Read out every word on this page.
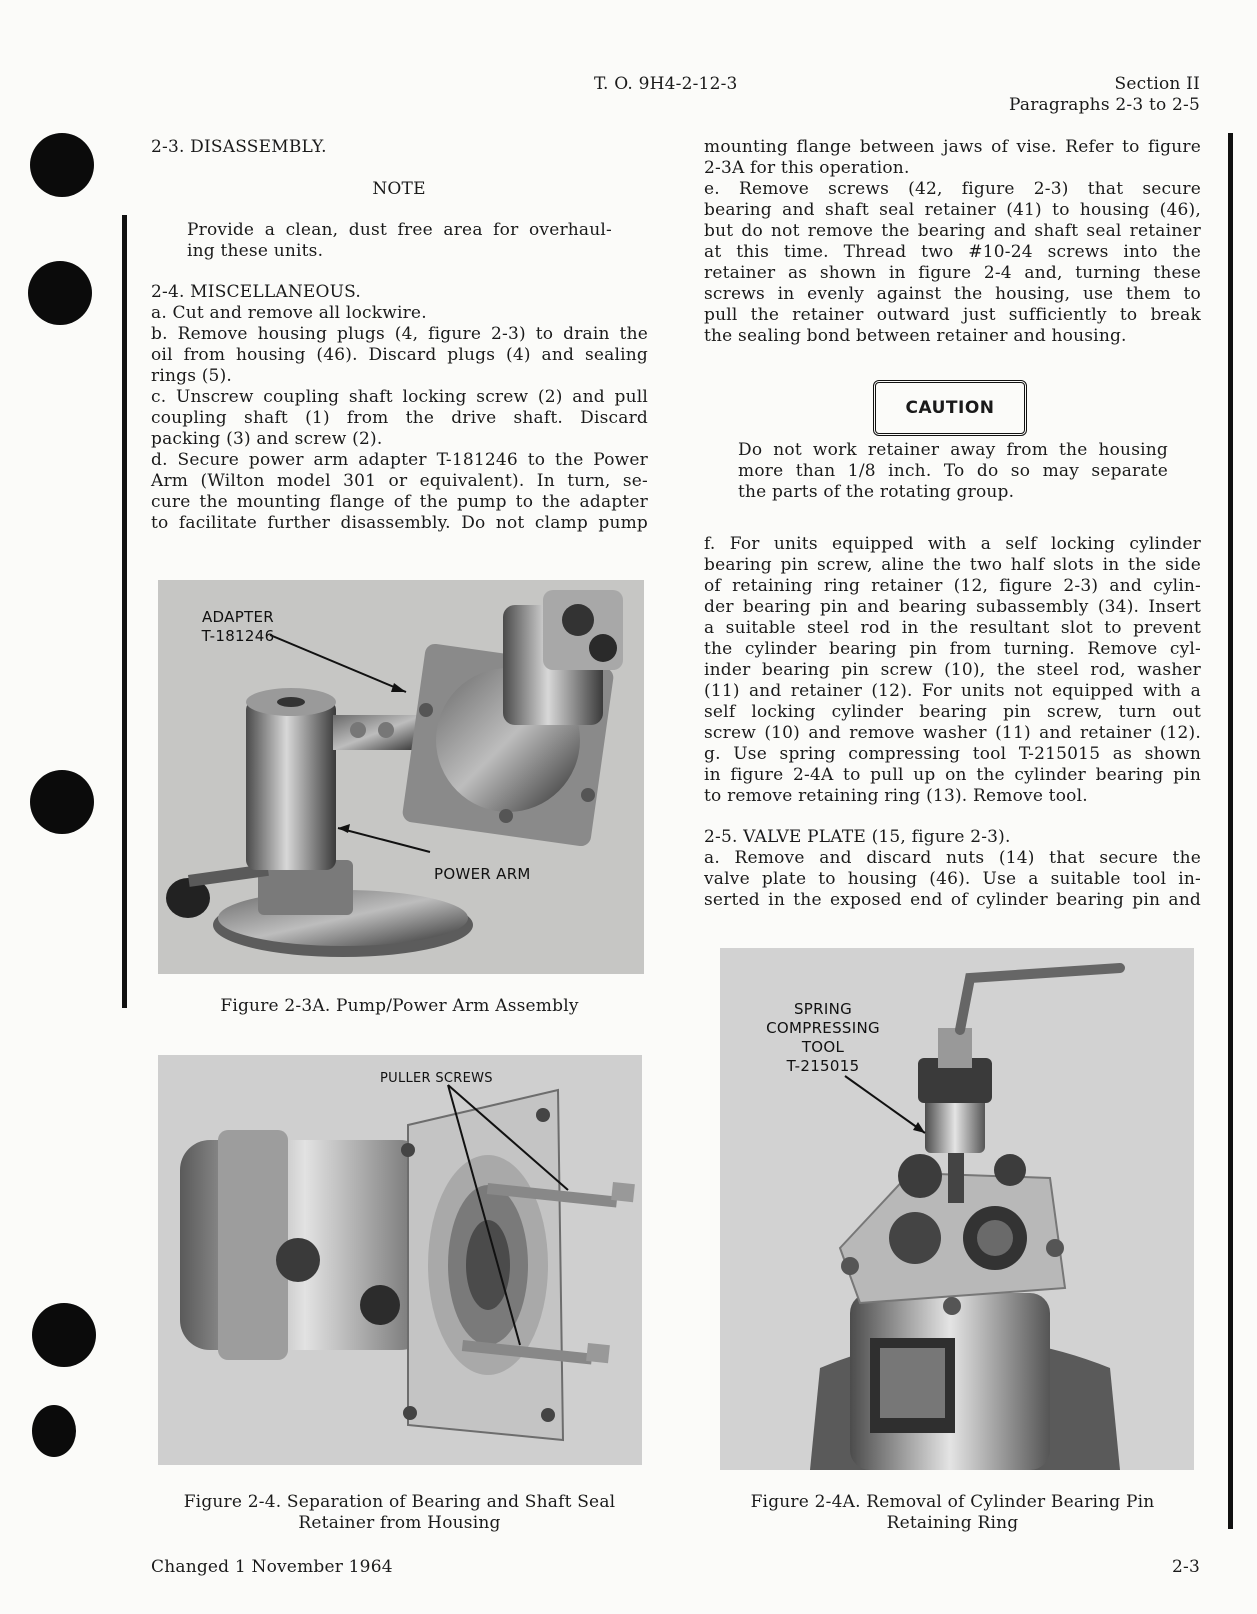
T. O. 9H4-2-12-3	Section II
Paragraphs 2-3 to 2-5
2-3. DISASSEMBLY.
NOTE

Provide a clean, dust free area for overhaul-

ing these units.

2-4. MISCELLANEOUS.

a. Cut and remove all lockwire.

b. Remove housing plugs (4, figure 2-3) to drain the

oil from housing (46). Discard plugs (4) and sealing

rings (5).

c. Unscrew coupling shaft locking screw (2) and pull

coupling shaft (1) from the drive shaft. Discard

packing (3) and screw (2).

d. Secure power arm adapter T-181246 to the Power

Arm (Wilton model 301 or equivalent). In turn, se-

cure the mounting flange of the pump to the adapter

to facilitate further disassembly. Do not clamp pump

ADAPTER
T-181246
POWER ARM
Figure 2-3A. Pump/Power Arm Assembly
PULLER SCREWS
Figure 2-4. Separation of Bearing and Shaft Seal
Retainer from Housing

mounting flange between jaws of vise. Refer to figure

2-3A for this operation.

e. Remove screws (42, figure 2-3) that secure

bearing and shaft seal retainer (41) to housing (46),

but do not remove the bearing and shaft seal retainer

at this time. Thread two #10-24 screws into the

retainer as shown in figure 2-4 and, turning these

screws in evenly against the housing, use them to

pull the retainer outward just sufficiently to break

the sealing bond between retainer and housing.

CAUTION

Do not work retainer away from the housing

more than 1/8 inch. To do so may separate

the parts of the rotating group.

f. For units equipped with a self locking cylinder

bearing pin screw, aline the two half slots in the side

of retaining ring retainer (12, figure 2-3) and cylin-

der bearing pin and bearing subassembly (34). Insert

a suitable steel rod in the resultant slot to prevent

the cylinder bearing pin from turning. Remove cyl-

inder bearing pin screw (10), the steel rod, washer

(11) and retainer (12). For units not equipped with a

self locking cylinder bearing pin screw, turn out

screw (10) and remove washer (11) and retainer (12).

g. Use spring compressing tool T-215015 as shown

in figure 2-4A to pull up on the cylinder bearing pin

to remove retaining ring (13). Remove tool.

2-5. VALVE PLATE (15, figure 2-3).

a. Remove and discard nuts (14) that secure the

valve plate to housing (46). Use a suitable tool in-

serted in the exposed end of cylinder bearing pin and

SPRING
COMPRESSING
TOOL
T-215015
Figure 2-4A. Removal of Cylinder Bearing Pin
Retaining Ring
Changed 1 November 1964	2-3
